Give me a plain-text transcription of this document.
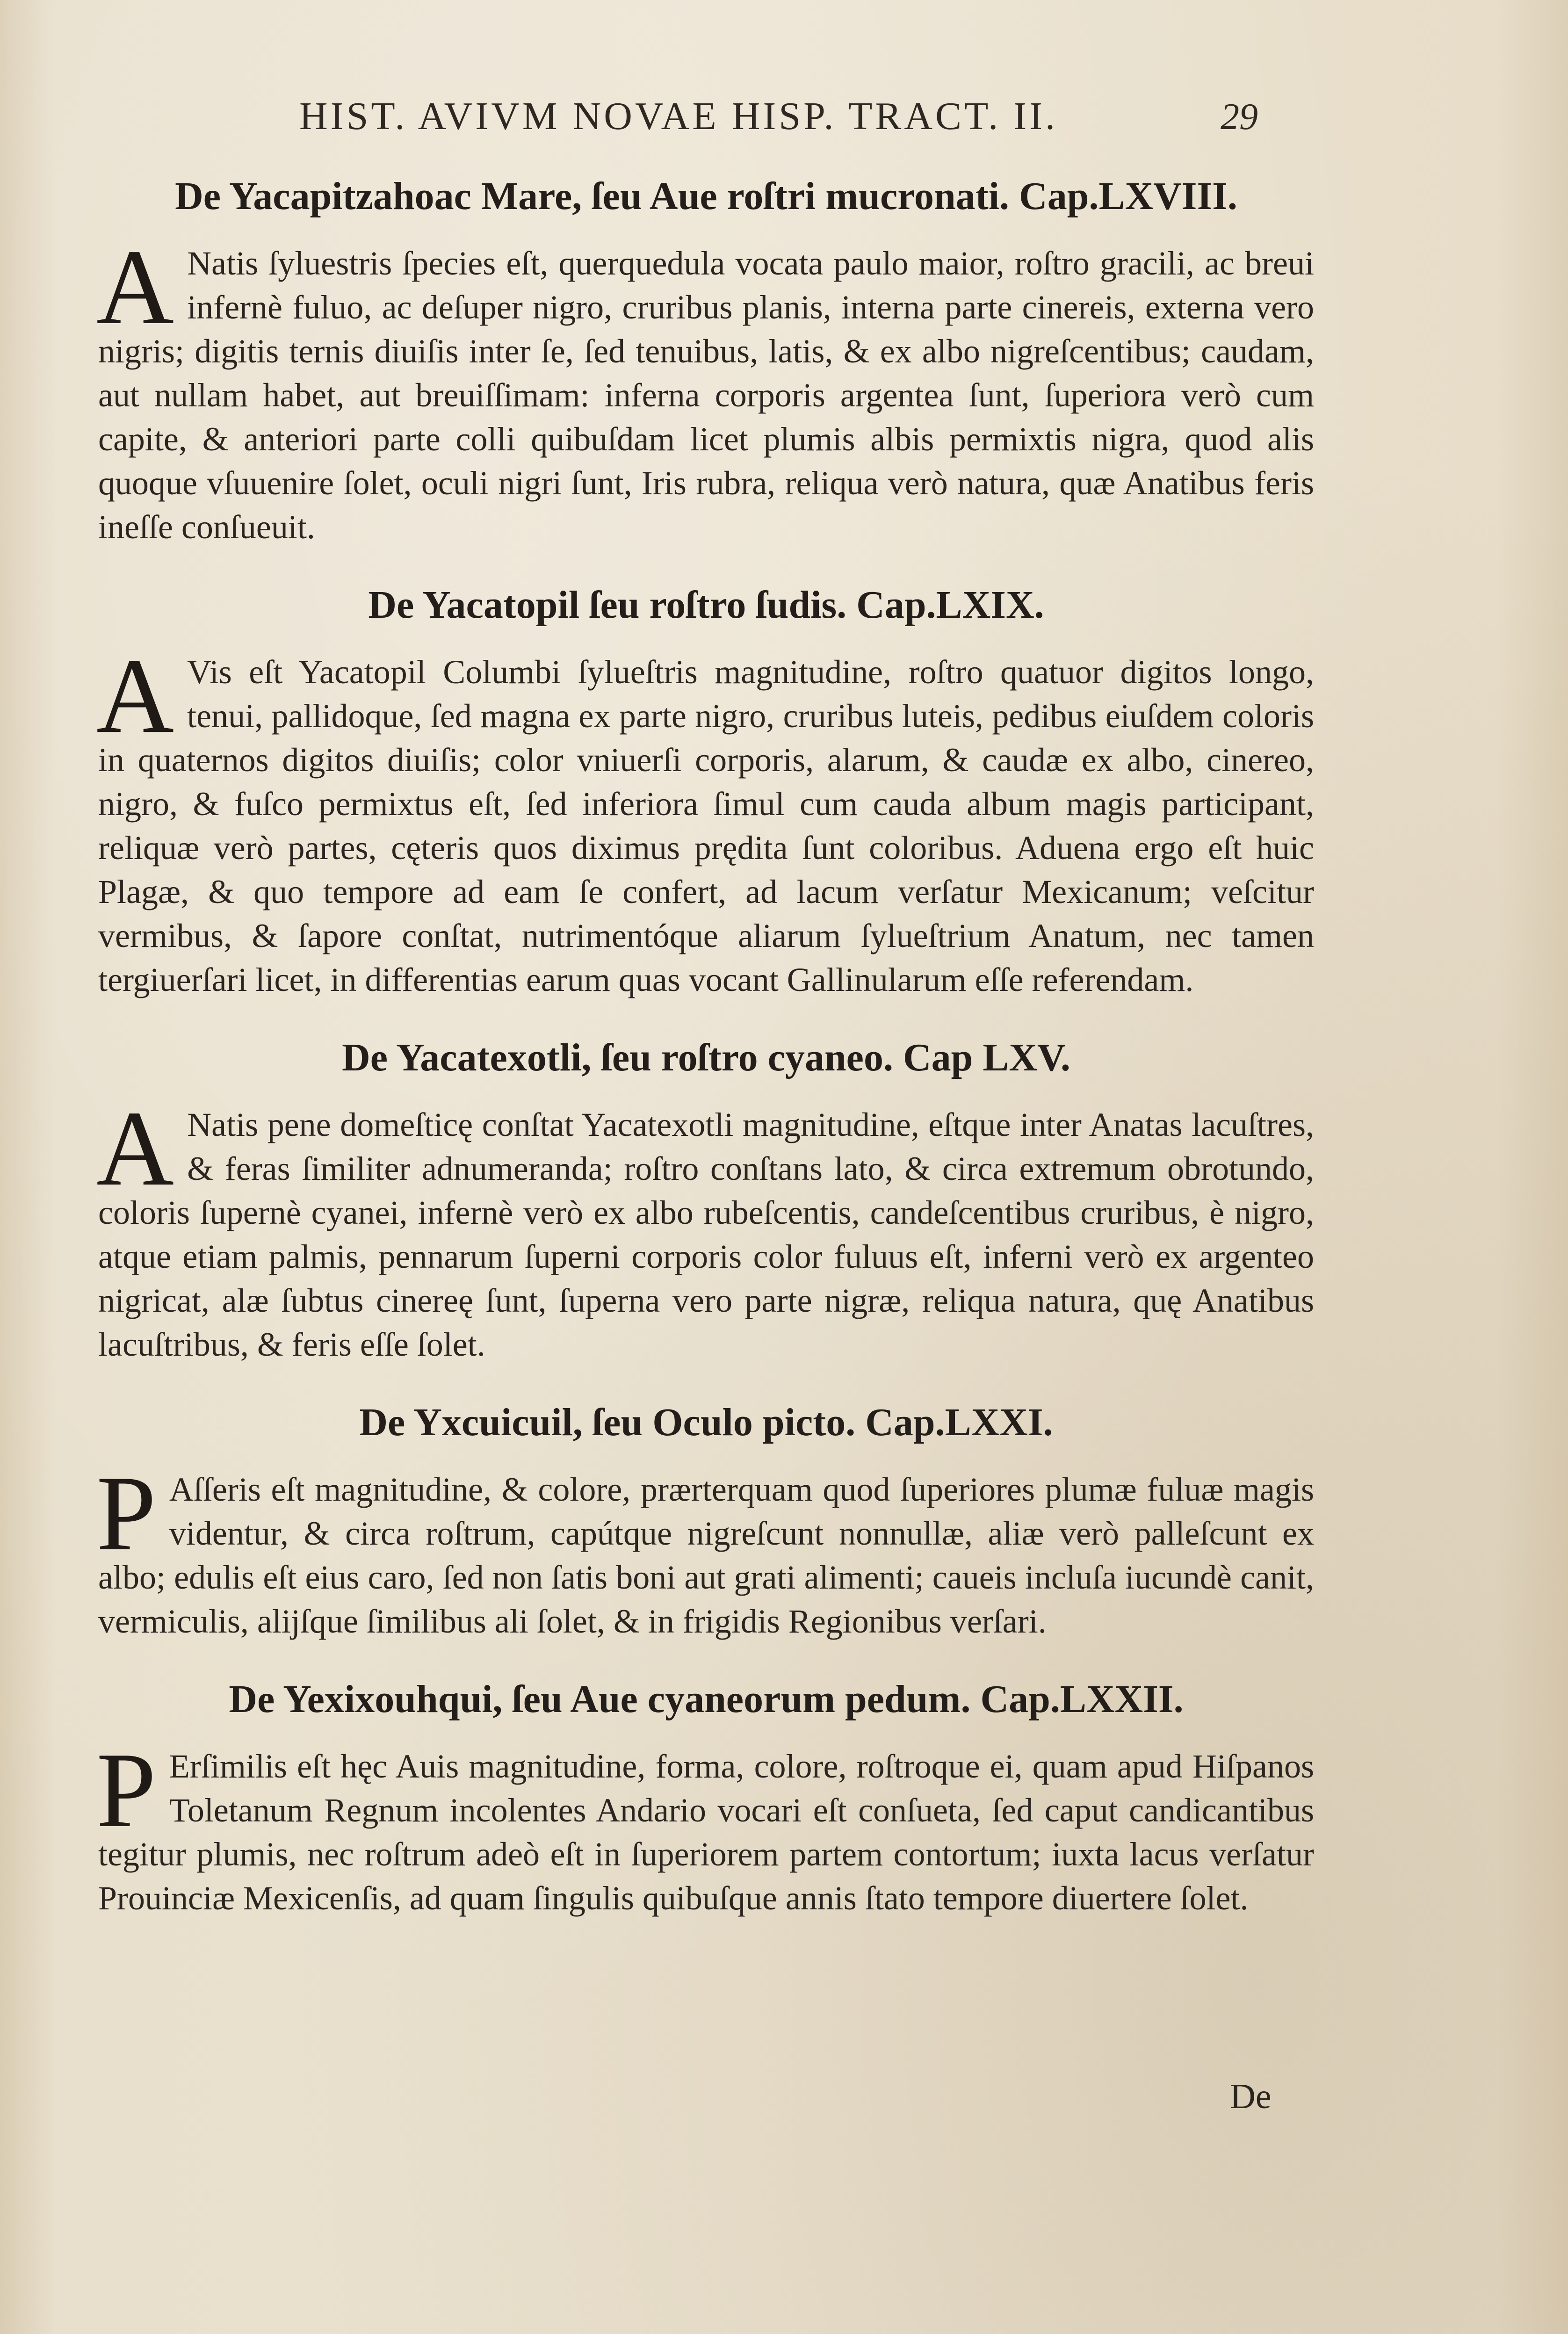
HIST. AVIVM NOVAE HISP. TRACT. II.	29
De Yacapitzahoac Mare, ſeu Aue roſtri mucronati. Cap.LXVIII.
A Natis ſyluestris ſpecies eſt, querquedula vocata paulo maior, roſtro gracili, ac breui infernè fuluo, ac deſuper nigro, cruribus planis, interna parte cinereis, externa vero nigris; digitis ternis diuiſis inter ſe, ſed tenuibus, latis, & ex albo nigreſcentibus; caudam, aut nullam habet, aut breuiſſimam: inferna corporis argentea ſunt, ſuperiora verò cum capite, & anteriori parte colli quibuſdam licet plumis albis permixtis nigra, quod alis quoque vſuuenire ſolet, oculi nigri ſunt, Iris rubra, reliqua verò natura, quæ Anatibus feris ineſſe conſueuit.
De Yacatopil ſeu roſtro ſudis. Cap.LXIX.
A Vis eſt Yacatopil Columbi ſylueſtris magnitudine, roſtro quatuor digitos longo, tenui, pallidoque, ſed magna ex parte nigro, cruribus luteis, pedibus eiuſdem coloris in quaternos digitos diuiſis; color vniuerſi corporis, alarum, & caudæ ex albo, cinereo, nigro, & fuſco permixtus eſt, ſed inferiora ſimul cum cauda album magis participant, reliquæ verò partes, cęteris quos diximus prędita ſunt coloribus. Aduena ergo eſt huic Plagæ, & quo tempore ad eam ſe confert, ad lacum verſatur Mexicanum; veſcitur vermibus, & ſapore conſtat, nutrimentóque aliarum ſylueſtrium Anatum, nec tamen tergiuerſari licet, in differentias earum quas vocant Gallinularum eſſe referendam.
De Yacatexotli, ſeu roſtro cyaneo. Cap LXV.
A Natis pene domeſticę conſtat Yacatexotli magnitudine, eſtque inter Anatas lacuſtres, & feras ſimiliter adnumeranda; roſtro conſtans lato, & circa extremum obrotundo, coloris ſupernè cyanei, infernè verò ex albo rubeſcentis, candeſcentibus cruribus, è nigro, atque etiam palmis, pennarum ſuperni corporis color fuluus eſt, inferni verò ex argenteo nigricat, alæ ſubtus cinereę ſunt, ſuperna vero parte nigræ, reliqua natura, quę Anatibus lacuſtribus, & feris eſſe ſolet.
De Yxcuicuil, ſeu Oculo picto. Cap.LXXI.
P Aſſeris eſt magnitudine, & colore, prærterquam quod ſuperiores plumæ fuluæ magis videntur, & circa roſtrum, capútque nigreſcunt nonnullæ, aliæ verò palleſcunt ex albo; edulis eſt eius caro, ſed non ſatis boni aut grati alimenti; caueis incluſa iucundè canit, vermiculis, alijſque ſimilibus ali ſolet, & in frigidis Regionibus verſari.
De Yexixouhqui, ſeu Aue cyaneorum pedum. Cap.LXXII.
P Erſimilis eſt hęc Auis magnitudine, forma, colore, roſtroque ei, quam apud Hiſpanos Toletanum Regnum incolentes Andario vocari eſt conſueta, ſed caput candicantibus tegitur plumis, nec roſtrum adeò eſt in ſuperiorem partem contortum; iuxta lacus verſatur Prouinciæ Mexicenſis, ad quam ſingulis quibuſque annis ſtato tempore diuertere ſolet.
De
